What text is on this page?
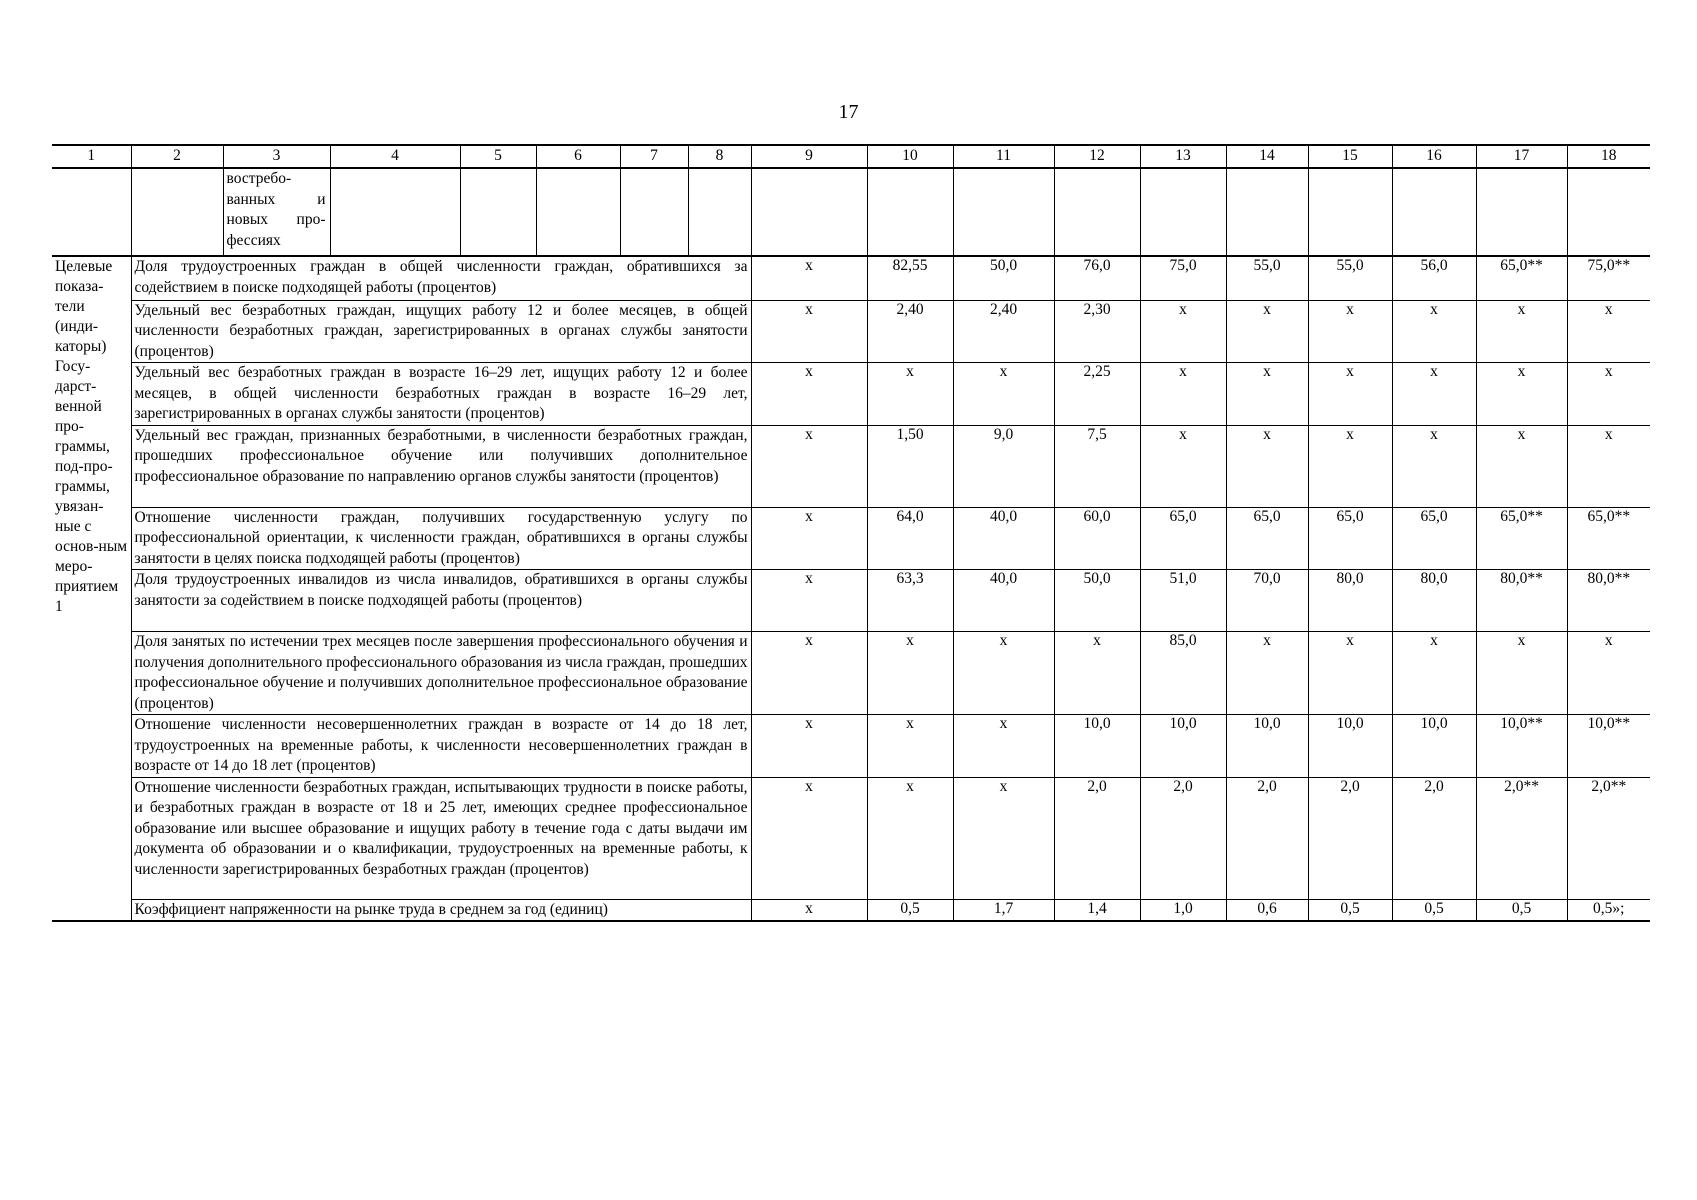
17
1	2	3	4	5	6	7	8	9	10	11	12	13	14	15	16	17	18
		востребо-ванных и новых про-фессиях															
Целевые показа-тели (инди-каторы) Госу-дарст-венной про-граммы, под-про-граммы, увязан-ные с основ-ным меро-приятием 1	Доля трудоустроенных граждан в общей численности граждан, обратившихся за содействием в поиске подходящей работы (процентов)							х	82,55	50,0	76,0	75,0	55,0	55,0	56,0	65,0**	75,0**
	Удельный вес безработных граждан, ищущих работу 12 и более месяцев, в общей численности безработных граждан, зарегистрированных в органах службы занятости (процентов)							х	2,40	2,40	2,30	х	х	х	х	х	х
	Удельный вес безработных граждан в возрасте 16–29 лет, ищущих работу 12 и более месяцев, в общей численности безработных граждан в возрасте 16–29 лет, зарегистрированных в органах службы занятости (процентов)							х	х	х	2,25	х	х	х	х	х	х
	Удельный вес граждан, признанных безработными, в численности безработных граждан, прошедших профессиональное обучение или получивших дополнительное профессиональное образование по направлению органов службы занятости (процентов)							х	1,50	9,0	7,5	х	х	х	х	х	х
	Отношение численности граждан, получивших государственную услугу по профессиональной ориентации, к численности граждан, обратившихся в органы службы занятости в целях поиска подходящей работы (процентов)							х	64,0	40,0	60,0	65,0	65,0	65,0	65,0	65,0**	65,0**
	Доля трудоустроенных инвалидов из числа инвалидов, обратившихся в органы службы занятости за содействием в поиске подходящей работы (процентов)							х	63,3	40,0	50,0	51,0	70,0	80,0	80,0	80,0**	80,0**
	Доля занятых по истечении трех месяцев после завершения профессионального обучения и получения дополнительного профессионального образования из числа граждан, прошедших профессиональное обучение и получивших дополнительное профессиональное образование (процентов)							х	х	х	х	85,0	х	х	х	х	х
	Отношение численности несовершеннолетних граждан в возрасте от 14 до 18 лет, трудоустроенных на временные работы, к численности несовершеннолетних граждан в возрасте от 14 до 18 лет (процентов)							х	х	х	10,0	10,0	10,0	10,0	10,0	10,0**	10,0**
	Отношение численности безработных граждан, испытывающих трудности в поиске работы, и безработных граждан в возрасте от 18 и 25 лет, имеющих среднее профессиональное образование или высшее образование и ищущих работу в течение года с даты выдачи им документа об образовании и о квалификации, трудоустроенных на временные работы, к численности зарегистрированных безработных граждан (процентов)							х	х	х	2,0	2,0	2,0	2,0	2,0	2,0**	2,0**
	Коэффициент напряженности на рынке труда в среднем за год (единиц)							х	0,5	1,7	1,4	1,0	0,6	0,5	0,5	0,5	0,5»;
